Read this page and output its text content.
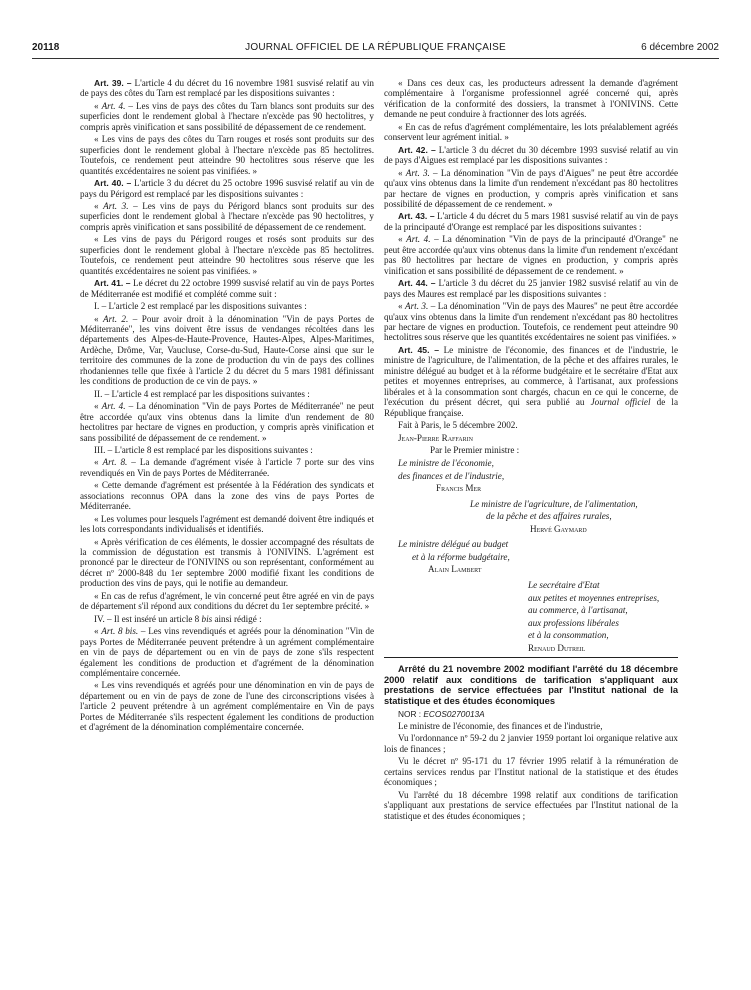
20118	JOURNAL OFFICIEL DE LA RÉPUBLIQUE FRANÇAISE	6 décembre 2002

Art. 39. – L'article 4 du décret du 16 novembre 1981 susvisé relatif au vin de pays des côtes du Tarn est remplacé par les dispositions suivantes :

« Art. 4. – Les vins de pays des côtes du Tarn blancs sont produits sur des superficies dont le rendement global à l'hectare n'excède pas 90 hectolitres, y compris après vinification et sans possibilité de dépassement de ce rendement.

« Les vins de pays des côtes du Tarn rouges et rosés sont produits sur des superficies dont le rendement global à l'hectare n'excède pas 85 hectolitres. Toutefois, ce rendement peut atteindre 90 hectolitres sous réserve que les quantités excédentaires ne soient pas vinifiées. »

Art. 40. – L'article 3 du décret du 25 octobre 1996 susvisé relatif au vin de pays du Périgord est remplacé par les dispositions suivantes :

« Art. 3. – Les vins de pays du Périgord blancs sont produits sur des superficies dont le rendement global à l'hectare n'excède pas 90 hectolitres, y compris après vinification et sans possibilité de dépassement de ce rendement.

« Les vins de pays du Périgord rouges et rosés sont produits sur des superficies dont le rendement global à l'hectare n'excède pas 85 hectolitres. Toutefois, ce rendement peut atteindre 90 hectolitres sous réserve que les quantités excédentaires ne soient pas vinifiées. »

Art. 41. – Le décret du 22 octobre 1999 susvisé relatif au vin de pays Portes de Méditerranée est modifié et complété comme suit :

I. – L'article 2 est remplacé par les dispositions suivantes :

« Art. 2. – Pour avoir droit à la dénomination "Vin de pays Portes de Méditerranée", les vins doivent être issus de vendanges récoltées dans les départements des Alpes-de-Haute-Provence, Hautes-Alpes, Alpes-Maritimes, Ardèche, Drôme, Var, Vaucluse, Corse-du-Sud, Haute-Corse ainsi que sur le territoire des communes de la zone de production du vin de pays des collines rhodaniennes telle que fixée à l'article 2 du décret du 5 mars 1981 définissant les conditions de production de ce vin de pays. »

II. – L'article 4 est remplacé par les dispositions suivantes :

« Art. 4. – La dénomination "Vin de pays Portes de Méditerranée" ne peut être accordée qu'aux vins obtenus dans la limite d'un rendement de 80 hectolitres par hectare de vignes en production, y compris après vinification et sans possibilité de dépassement de ce rendement. »

III. – L'article 8 est remplacé par les dispositions suivantes :

« Art. 8. – La demande d'agrément visée à l'article 7 porte sur des vins revendiqués en Vin de pays Portes de Méditerranée.

« Cette demande d'agrément est présentée à la Fédération des syndicats et associations reconnus OPA dans la zone des vins de pays Portes de Méditerranée.

« Les volumes pour lesquels l'agrément est demandé doivent être indiqués et les lots correspondants individualisés et identifiés.

« Après vérification de ces éléments, le dossier accompagné des résultats de la commission de dégustation est transmis à l'ONIVINS. L'agrément est prononcé par le directeur de l'ONIVINS ou son représentant, conformément au décret nº 2000-848 du 1er septembre 2000 modifié fixant les conditions de production des vins de pays, qui le notifie au demandeur.

« En cas de refus d'agrément, le vin concerné peut être agréé en vin de pays de département s'il répond aux conditions du décret du 1er septembre précité. »

IV. – Il est inséré un article 8 bis ainsi rédigé :

« Art. 8 bis. – Les vins revendiqués et agréés pour la dénomination "Vin de pays Portes de Méditerranée peuvent prétendre à un agrément complémentaire en vin de pays de département ou en vin de pays de zone s'ils respectent également les conditions de production et d'agrément de la dénomination complémentaire concernée.

« Les vins revendiqués et agréés pour une dénomination en vin de pays de département ou en vin de pays de zone de l'une des circonscriptions visées à l'article 2 peuvent prétendre à un agrément complémentaire en Vin de pays Portes de Méditerranée s'ils respectent également les conditions de production et d'agrément de la dénomination complémentaire concernée.

« Dans ces deux cas, les producteurs adressent la demande d'agrément complémentaire à l'organisme professionnel agréé concerné qui, après vérification de la conformité des dossiers, la transmet à l'ONIVINS. Cette demande ne peut conduire à fractionner des lots agréés.

« En cas de refus d'agrément complémentaire, les lots préalablement agréés conservent leur agrément initial. »

Art. 42. – L'article 3 du décret du 30 décembre 1993 susvisé relatif au vin de pays d'Aigues est remplacé par les dispositions suivantes :

« Art. 3. – La dénomination "Vin de pays d'Aigues" ne peut être accordée qu'aux vins obtenus dans la limite d'un rendement n'excédant pas 80 hectolitres par hectare de vignes en production, y compris après vinification et sans possibilité de dépassement de ce rendement. »

Art. 43. – L'article 4 du décret du 5 mars 1981 susvisé relatif au vin de pays de la principauté d'Orange est remplacé par les dispositions suivantes :

« Art. 4. – La dénomination "Vin de pays de la principauté d'Orange" ne peut être accordée qu'aux vins obtenus dans la limite d'un rendement n'excédant pas 80 hectolitres par hectare de vignes en production, y compris après vinification et sans possibilité de dépassement de ce rendement. »

Art. 44. – L'article 3 du décret du 25 janvier 1982 susvisé relatif au vin de pays des Maures est remplacé par les dispositions suivantes :

« Art. 3. – La dénomination "Vin de pays des Maures" ne peut être accordée qu'aux vins obtenus dans la limite d'un rendement n'excédant pas 80 hectolitres par hectare de vignes en production. Toutefois, ce rendement peut atteindre 90 hectolitres sous réserve que les quantités excédentaires ne soient pas vinifiées. »

Art. 45. – Le ministre de l'économie, des finances et de l'industrie, le ministre de l'agriculture, de l'alimentation, de la pêche et des affaires rurales, le ministre délégué au budget et à la réforme budgétaire et le secrétaire d'Etat aux petites et moyennes entreprises, au commerce, à l'artisanat, aux professions libérales et à la consommation sont chargés, chacun en ce qui le concerne, de l'exécution du présent décret, qui sera publié au Journal officiel de la République française.

Fait à Paris, le 5 décembre 2002.

Jean-Pierre Raffarin

Par le Premier ministre :

Le ministre de l'économie,

des finances et de l'industrie,

Francis Mer

Le ministre de l'agriculture, de l'alimentation,

de la pêche et des affaires rurales,

Hervé Gaymard

Le ministre délégué au budget

et à la réforme budgétaire,

Alain Lambert

Le secrétaire d'Etat

aux petites et moyennes entreprises,

au commerce, à l'artisanat,

aux professions libérales

et à la consommation,

Renaud Dutreil

Arrêté du 21 novembre 2002 modifiant l'arrêté du 18 décembre 2000 relatif aux conditions de tarification s'appliquant aux prestations de service effectuées par l'Institut national de la statistique et des études économiques

NOR : ECOS0270013A

Le ministre de l'économie, des finances et de l'industrie,

Vu l'ordonnance nº 59-2 du 2 janvier 1959 portant loi organique relative aux lois de finances ;

Vu le décret nº 95-171 du 17 février 1995 relatif à la rémunération de certains services rendus par l'Institut national de la statistique et des études économiques ;

Vu l'arrêté du 18 décembre 1998 relatif aux conditions de tarification s'appliquant aux prestations de service effectuées par l'Institut national de la statistique et des études économiques ;
